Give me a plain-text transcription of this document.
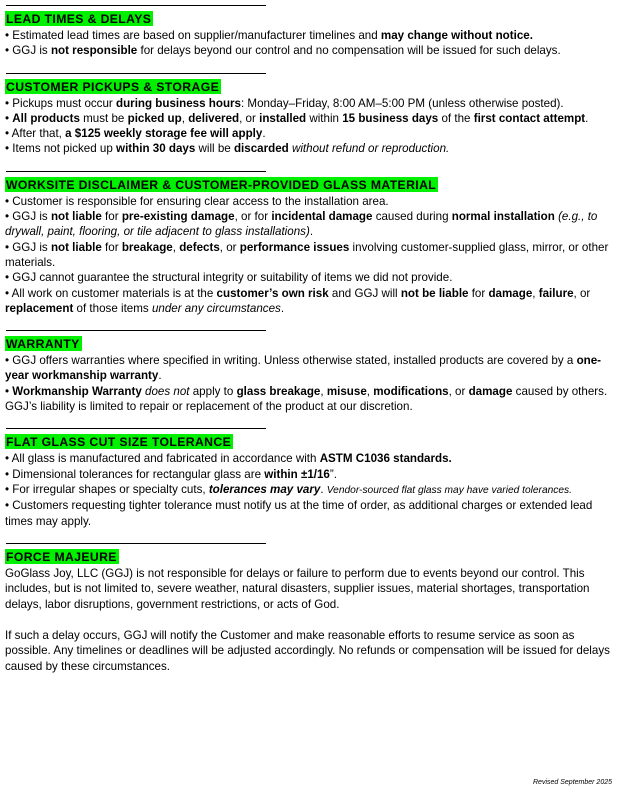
LEAD TIMES & DELAYS
• Estimated lead times are based on supplier/manufacturer timelines and may change without notice.
• GGJ is not responsible for delays beyond our control and no compensation will be issued for such delays.
CUSTOMER PICKUPS & STORAGE
• Pickups must occur during business hours: Monday–Friday, 8:00 AM–5:00 PM (unless otherwise posted).
• All products must be picked up, delivered, or installed within 15 business days of the first contact attempt.
• After that, a $125 weekly storage fee will apply.
• Items not picked up within 30 days will be discarded without refund or reproduction.
WORKSITE DISCLAIMER & CUSTOMER-PROVIDED GLASS MATERIAL
• Customer is responsible for ensuring clear access to the installation area.
• GGJ is not liable for pre-existing damage, or for incidental damage caused during normal installation (e.g., to drywall, paint, flooring, or tile adjacent to glass installations).
• GGJ is not liable for breakage, defects, or performance issues involving customer-supplied glass, mirror, or other materials.
• GGJ cannot guarantee the structural integrity or suitability of items we did not provide.
• All work on customer materials is at the customer’s own risk and GGJ will not be liable for damage, failure, or replacement of those items under any circumstances.
WARRANTY
• GGJ offers warranties where specified in writing. Unless otherwise stated, installed products are covered by a one-year workmanship warranty.
• Workmanship Warranty does not apply to glass breakage, misuse, modifications, or damage caused by others. GGJ’s liability is limited to repair or replacement of the product at our discretion.
FLAT GLASS CUT SIZE TOLERANCE
• All glass is manufactured and fabricated in accordance with ASTM C1036 standards.
• Dimensional tolerances for rectangular glass are within ±1/16”.
• For irregular shapes or specialty cuts, tolerances may vary. Vendor-sourced flat glass may have varied tolerances.
• Customers requesting tighter tolerance must notify us at the time of order, as additional charges or extended lead times may apply.
FORCE MAJEURE
GoGlass Joy, LLC (GGJ) is not responsible for delays or failure to perform due to events beyond our control. This includes, but is not limited to, severe weather, natural disasters, supplier issues, material shortages, transportation delays, labor disruptions, government restrictions, or acts of God.
If such a delay occurs, GGJ will notify the Customer and make reasonable efforts to resume service as soon as possible. Any timelines or deadlines will be adjusted accordingly. No refunds or compensation will be issued for delays caused by these circumstances.
Revised September 2025
